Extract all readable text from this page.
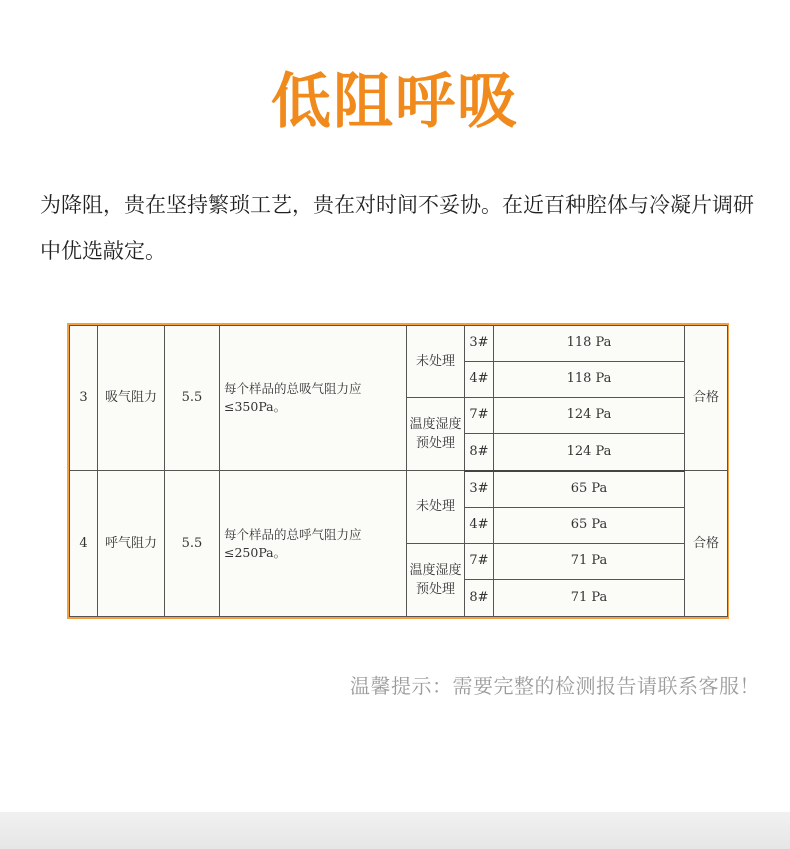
低阻呼吸
为降阻，贵在坚持繁琐工艺，贵在对时间不妥协。在近百种腔体与冷凝片调研中优选敲定。
3	吸气阻力	5.5	每个样品的总吸气阻力应≤350Pa。	未处理	3#	118 Pa	合格
					4#	118 Pa	
				温度湿度预处理	7#	124 Pa	
					8#	124 Pa	
4	呼气阻力	5.5	每个样品的总呼气阻力应≤250Pa。	未处理	3#	65 Pa	合格
					4#	65 Pa	
				温度湿度预处理	7#	71 Pa	
					8#	71 Pa	
温馨提示：需要完整的检测报告请联系客服！
